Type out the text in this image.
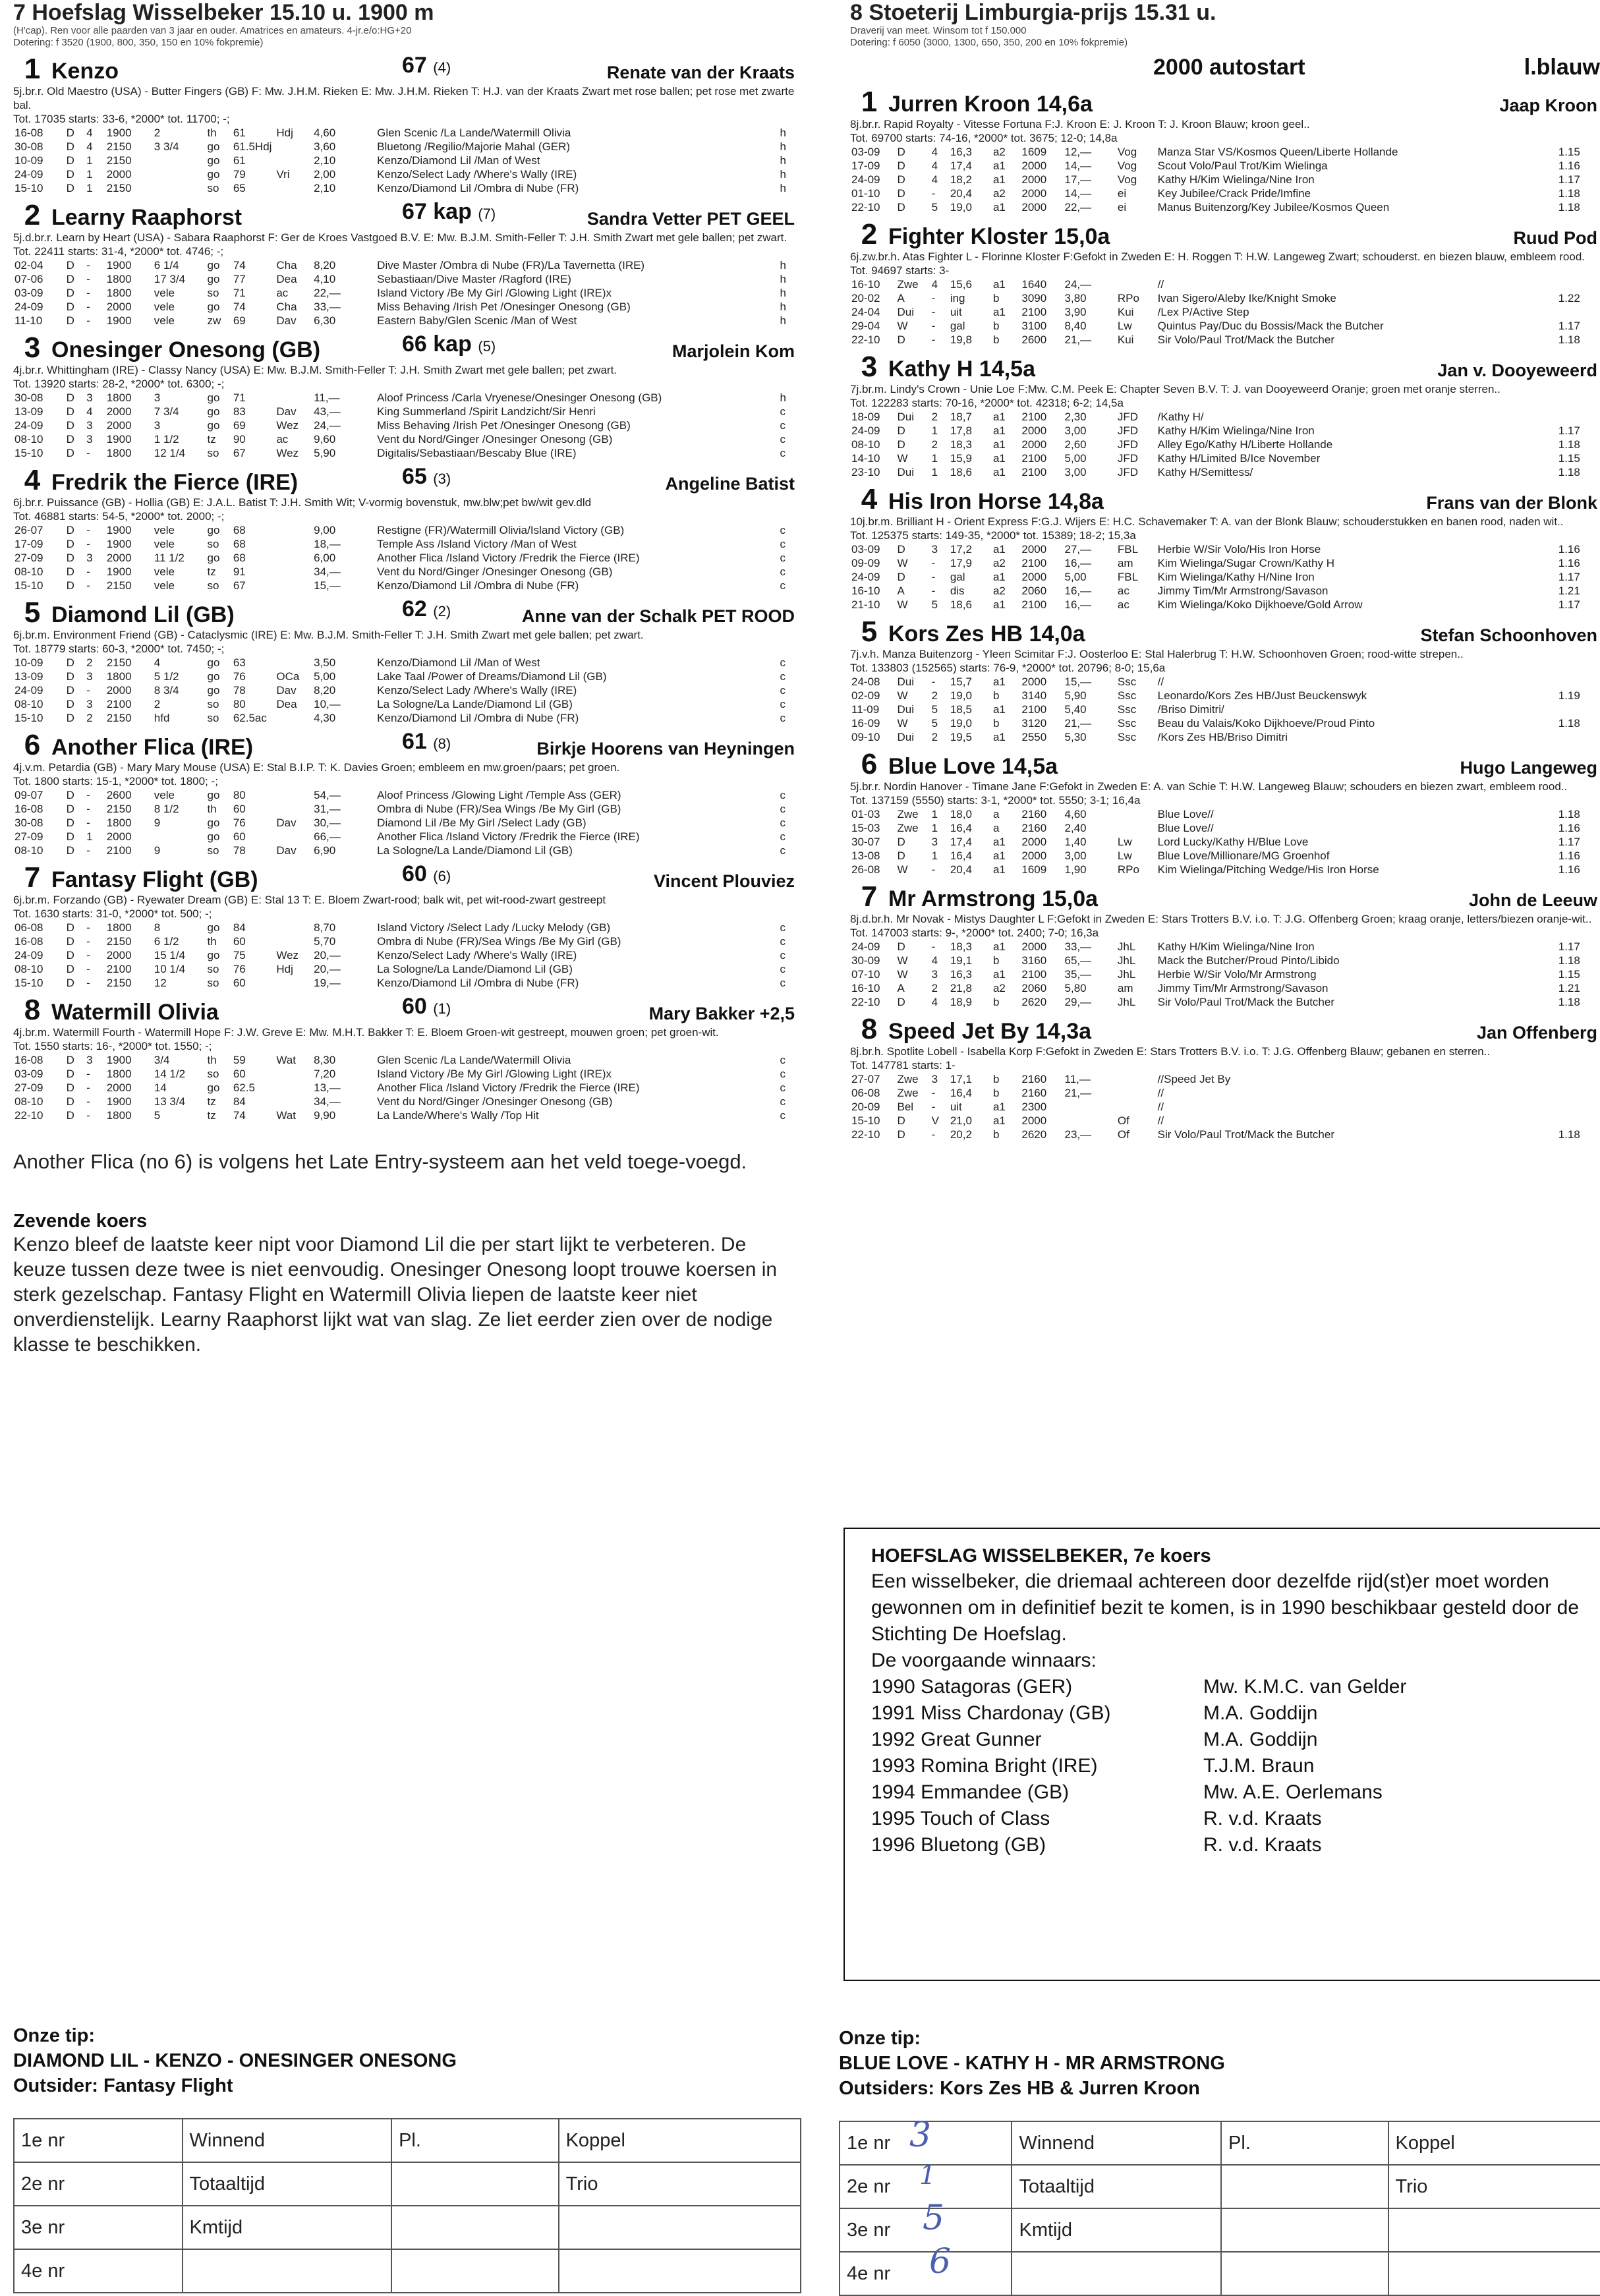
7 Hoefslag Wisselbeker 15.10 u. 1900 m
(H'cap). Ren voor alle paarden van 3 jaar en ouder. Amatrices en amateurs. 4-jr.e/o:HG+20
Dotering: f 3520 (1900, 800, 350, 150 en 10% fokpremie)
1 Kenzo	67 (4)	Renate van der Kraats
5j.br.r. Old Maestro (USA) - Butter Fingers (GB) F: Mw. J.H.M. Rieken E: Mw. J.H.M. Rieken T: H.J. van der Kraats Zwart met rose ballen; pet rose met zwarte bal.
Tot. 17035 starts: 33-6, *2000* tot. 11700; -;
16-08	D	4	1900	2	th	61	Hdj	4,60	Glen Scenic /La Lande/Watermill Olivia	h
30-08	D	4	2150	3 3/4	go	61.5Hdj		3,60	Bluetong /Regilio/Majorie Mahal (GER)	h
10-09	D	1	2150		go	61		2,10	Kenzo/Diamond Lil /Man of West	h
24-09	D	1	2000		go	79	Vri	2,00	Kenzo/Select Lady /Where's Wally (IRE)	h
15-10	D	1	2150		so	65		2,10	Kenzo/Diamond Lil /Ombra di Nube (FR)	h
2 Learny Raaphorst	67 kap (7)	Sandra Vetter PET GEEL
5j.d.br.r. Learn by Heart (USA) - Sabara Raaphorst F: Ger de Kroes Vastgoed B.V. E: Mw. B.J.M. Smith-Feller T: J.H. Smith Zwart met gele ballen; pet zwart.
Tot. 22411 starts: 31-4, *2000* tot. 4746; -;
02-04	D	-	1900	6 1/4	go	74	Cha	8,20	Dive Master /Ombra di Nube (FR)/La Tavernetta (IRE)	h
07-06	D	-	1800	17 3/4	go	77	Dea	4,10	Sebastiaan/Dive Master /Ragford (IRE)	h
03-09	D	-	1800	vele	so	71	ac	22,—	Island Victory /Be My Girl /Glowing Light (IRE)x	h
24-09	D	-	2000	vele	go	74	Cha	33,—	Miss Behaving /Irish Pet /Onesinger Onesong (GB)	h
11-10	D	-	1900	vele	zw	69	Dav	6,30	Eastern Baby/Glen Scenic /Man of West	h
3 Onesinger Onesong (GB)	66 kap (5)	Marjolein Kom
4j.br.r. Whittingham (IRE) - Classy Nancy (USA) E: Mw. B.J.M. Smith-Feller T: J.H. Smith Zwart met gele ballen; pet zwart.
Tot. 13920 starts: 28-2, *2000* tot. 6300; -;
30-08	D	3	1800	3	go	71		11,—	Aloof Princess /Carla Vryenese/Onesinger Onesong (GB)	h
13-09	D	4	2000	7 3/4	go	83	Dav	43,—	King Summerland /Spirit Landzicht/Sir Henri	c
24-09	D	3	2000	3	go	69	Wez	24,—	Miss Behaving /Irish Pet /Onesinger Onesong (GB)	c
08-10	D	3	1900	1 1/2	tz	90	ac	9,60	Vent du Nord/Ginger /Onesinger Onesong (GB)	c
15-10	D	-	1800	12 1/4	so	67	Wez	5,90	Digitalis/Sebastiaan/Bescaby Blue (IRE)	c
4 Fredrik the Fierce (IRE)	65 (3)	Angeline Batist
6j.br.r. Puissance (GB) - Hollia (GB) E: J.A.L. Batist T: J.H. Smith Wit; V-vormig bovenstuk, mw.blw;pet bw/wit gev.dld
Tot. 46881 starts: 54-5, *2000* tot. 2000; -;
26-07	D	-	1900	vele	go	68		9,00	Restigne (FR)/Watermill Olivia/Island Victory (GB)	c
17-09	D	-	1900	vele	so	68		18,—	Temple Ass /Island Victory /Man of West	c
27-09	D	3	2000	11 1/2	go	68		6,00	Another Flica /Island Victory /Fredrik the Fierce (IRE)	c
08-10	D	-	1900	vele	tz	91		34,—	Vent du Nord/Ginger /Onesinger Onesong (GB)	c
15-10	D	-	2150	vele	so	67		15,—	Kenzo/Diamond Lil /Ombra di Nube (FR)	c
5 Diamond Lil (GB)	62 (2)	Anne van der Schalk PET ROOD
6j.br.m. Environment Friend (GB) - Cataclysmic (IRE) E: Mw. B.J.M. Smith-Feller T: J.H. Smith Zwart met gele ballen; pet zwart.
Tot. 18779 starts: 60-3, *2000* tot. 7450; -;
10-09	D	2	2150	4	go	63		3,50	Kenzo/Diamond Lil /Man of West	c
13-09	D	3	1800	5 1/2	go	76	OCa	5,00	Lake Taal /Power of Dreams/Diamond Lil (GB)	c
24-09	D	-	2000	8 3/4	go	78	Dav	8,20	Kenzo/Select Lady /Where's Wally (IRE)	c
08-10	D	3	2100	2	so	80	Dea	10,—	La Sologne/La Lande/Diamond Lil (GB)	c
15-10	D	2	2150	hfd	so	62.5ac		4,30	Kenzo/Diamond Lil /Ombra di Nube (FR)	c
6 Another Flica (IRE)	61 (8)	Birkje Hoorens van Heyningen
4j.v.m. Petardia (GB) - Mary Mary Mouse (USA) E: Stal B.I.P. T: K. Davies Groen; embleem en mw.groen/paars; pet groen.
Tot. 1800 starts: 15-1, *2000* tot. 1800; -;
09-07	D	-	2600	vele	go	80		54,—	Aloof Princess /Glowing Light /Temple Ass (GER)	c
16-08	D	-	2150	8 1/2	th	60		31,—	Ombra di Nube (FR)/Sea Wings /Be My Girl (GB)	c
30-08	D	-	1800	9	go	76	Dav	30,—	Diamond Lil /Be My Girl /Select Lady (GB)	c
27-09	D	1	2000		go	60		66,—	Another Flica /Island Victory /Fredrik the Fierce (IRE)	c
08-10	D	-	2100	9	so	78	Dav	6,90	La Sologne/La Lande/Diamond Lil (GB)	c
7 Fantasy Flight (GB)	60 (6)	Vincent Plouviez
6j.br.m. Forzando (GB) - Ryewater Dream (GB) E: Stal 13 T: E. Bloem Zwart-rood; balk wit, pet wit-rood-zwart gestreept
Tot. 1630 starts: 31-0, *2000* tot. 500; -;
06-08	D	-	1800	8	go	84		8,70	Island Victory /Select Lady /Lucky Melody (GB)	c
16-08	D	-	2150	6 1/2	th	60		5,70	Ombra di Nube (FR)/Sea Wings /Be My Girl (GB)	c
24-09	D	-	2000	15 1/4	go	75	Wez	20,—	Kenzo/Select Lady /Where's Wally (IRE)	c
08-10	D	-	2100	10 1/4	so	76	Hdj	20,—	La Sologne/La Lande/Diamond Lil (GB)	c
15-10	D	-	2150	12	so	60		19,—	Kenzo/Diamond Lil /Ombra di Nube (FR)	c
8 Watermill Olivia	60 (1)	Mary Bakker +2,5
4j.br.m. Watermill Fourth - Watermill Hope F: J.W. Greve E: Mw. M.H.T. Bakker T: E. Bloem Groen-wit gestreept, mouwen groen; pet groen-wit.
Tot. 1550 starts: 16-, *2000* tot. 1550; -;
16-08	D	3	1900	3/4	th	59	Wat	8,30	Glen Scenic /La Lande/Watermill Olivia	c
03-09	D	-	1800	14 1/2	so	60		7,20	Island Victory /Be My Girl /Glowing Light (IRE)x	c
27-09	D	-	2000	14	go	62.5		13,—	Another Flica /Island Victory /Fredrik the Fierce (IRE)	c
08-10	D	-	1900	13 3/4	tz	84		34,—	Vent du Nord/Ginger /Onesinger Onesong (GB)	c
22-10	D	-	1800	5	tz	74	Wat	9,90	La Lande/Where's Wally /Top Hit	c
Another Flica (no 6) is volgens het Late Entry-systeem aan het veld toege-voegd.
Zevende koers
Kenzo bleef de laatste keer nipt voor Diamond Lil die per start lijkt te verbeteren. De keuze tussen deze twee is niet eenvoudig. Onesinger Onesong loopt trouwe koersen in sterk gezelschap. Fantasy Flight en Watermill Olivia liepen de laatste keer niet onverdienstelijk. Learny Raaphorst lijkt wat van slag. Ze liet eerder zien over de nodige klasse te beschikken.
8 Stoeterij Limburgia-prijs 15.31 u.
Draverij van meet. Winsom tot f 150.000
Dotering: f 6050 (3000, 1300, 650, 350, 200 en 10% fokpremie)
2000 autostart	l.blauw
1 Jurren Kroon 14,6a	Jaap Kroon
8j.br.r. Rapid Royalty - Vitesse Fortuna F:J. Kroon E: J. Kroon T: J. Kroon Blauw; kroon geel..
Tot. 69700 starts: 74-16, *2000* tot. 3675; 12-0; 14,8a
03-09	D	4	16,3	a2	1609	12,—	Vog	Manza Star VS/Kosmos Queen/Liberte Hollande	1.15
17-09	D	4	17,4	a1	2000	14,—	Vog	Scout Volo/Paul Trot/Kim Wielinga	1.16
24-09	D	4	18,2	a1	2000	17,—	Vog	Kathy H/Kim Wielinga/Nine Iron	1.17
01-10	D	-	20,4	a2	2000	14,—	ei	Key Jubilee/Crack Pride/Imfine	1.18
22-10	D	5	19,0	a1	2000	22,—	ei	Manus Buitenzorg/Key Jubilee/Kosmos Queen	1.18
2 Fighter Kloster 15,0a	Ruud Pod
6j.zw.br.h. Atas Fighter L - Florinne Kloster F:Gefokt in Zweden E: H. Roggen T: H.W. Langeweg Zwart; schouderst. en biezen blauw, embleem rood.
Tot. 94697 starts: 3-
16-10	Zwe	4	15,6	a1	1640	24,—		//	
20-02	A	-	ing	b	3090	3,80	RPo	Ivan Sigero/Aleby Ike/Knight Smoke	1.22
24-04	Dui	-	uit	a1	2100	3,90	Kui	/Lex P/Active Step	
29-04	W	-	gal	b	3100	8,40	Lw	Quintus Pay/Duc du Bossis/Mack the Butcher	1.17
22-10	D	-	19,8	b	2600	21,—	Kui	Sir Volo/Paul Trot/Mack the Butcher	1.18
3 Kathy H 14,5a	Jan v. Dooyeweerd
7j.br.m. Lindy's Crown - Unie Loe F:Mw. C.M. Peek E: Chapter Seven B.V. T: J. van Dooyeweerd Oranje; groen met oranje sterren..
Tot. 122283 starts: 70-16, *2000* tot. 42318; 6-2; 14,5a
18-09	Dui	2	18,7	a1	2100	2,30	JFD	/Kathy H/	
24-09	D	1	17,8	a1	2000	3,00	JFD	Kathy H/Kim Wielinga/Nine Iron	1.17
08-10	D	2	18,3	a1	2000	2,60	JFD	Alley Ego/Kathy H/Liberte Hollande	1.18
14-10	W	1	15,9	a1	2100	5,00	JFD	Kathy H/Limited B/Ice November	1.15
23-10	Dui	1	18,6	a1	2100	3,00	JFD	Kathy H/Semittess/	1.18
4 His Iron Horse 14,8a	Frans van der Blonk
10j.br.m. Brilliant H - Orient Express F:G.J. Wijers E: H.C. Schavemaker T: A. van der Blonk Blauw; schouderstukken en banen rood, naden wit..
Tot. 125375 starts: 149-35, *2000* tot. 15389; 18-2; 15,3a
03-09	D	3	17,2	a1	2000	27,—	FBL	Herbie W/Sir Volo/His Iron Horse	1.16
09-09	W	-	17,9	a2	2100	16,—	am	Kim Wielinga/Sugar Crown/Kathy H	1.16
24-09	D	-	gal	a1	2000	5,00	FBL	Kim Wielinga/Kathy H/Nine Iron	1.17
16-10	A	-	dis	a2	2060	16,—	ac	Jimmy Tim/Mr Armstrong/Savason	1.21
21-10	W	5	18,6	a1	2100	16,—	ac	Kim Wielinga/Koko Dijkhoeve/Gold Arrow	1.17
5 Kors Zes HB 14,0a	Stefan Schoonhoven
7j.v.h. Manza Buitenzorg - Yleen Scimitar F:J. Oosterloo E: Stal Halerbrug T: H.W. Schoonhoven Groen; rood-witte strepen..
Tot. 133803 (152565) starts: 76-9, *2000* tot. 20796; 8-0; 15,6a
24-08	Dui	-	15,7	a1	2000	15,—	Ssc	//	
02-09	W	2	19,0	b	3140	5,90	Ssc	Leonardo/Kors Zes HB/Just Beuckenswyk	1.19
11-09	Dui	5	18,5	a1	2100	5,40	Ssc	/Briso Dimitri/	
16-09	W	5	19,0	b	3120	21,—	Ssc	Beau du Valais/Koko Dijkhoeve/Proud Pinto	1.18
09-10	Dui	2	19,5	a1	2550	5,30	Ssc	/Kors Zes HB/Briso Dimitri	
6 Blue Love 14,5a	Hugo Langeweg
5j.br.r. Nordin Hanover - Timane Jane F:Gefokt in Zweden E: A. van Schie T: H.W. Langeweg Blauw; schouders en biezen zwart, embleem rood..
Tot. 137159 (5550) starts: 3-1, *2000* tot. 5550; 3-1; 16,4a
01-03	Zwe	1	18,0	a	2160	4,60		Blue Love//	1.18
15-03	Zwe	1	16,4	a	2160	2,40		Blue Love//	1.16
30-07	D	3	17,4	a1	2000	1,40	Lw	Lord Lucky/Kathy H/Blue Love	1.17
13-08	D	1	16,4	a1	2000	3,00	Lw	Blue Love/Millionare/MG Groenhof	1.16
26-08	W	-	20,4	a1	1609	1,90	RPo	Kim Wielinga/Pitching Wedge/His Iron Horse	1.16
7 Mr Armstrong 15,0a	John de Leeuw
8j.d.br.h. Mr Novak - Mistys Daughter L F:Gefokt in Zweden E: Stars Trotters B.V. i.o. T: J.G. Offenberg Groen; kraag oranje, letters/biezen oranje-wit..
Tot. 147003 starts: 9-, *2000* tot. 2400; 7-0; 16,3a
24-09	D	-	18,3	a1	2000	33,—	JhL	Kathy H/Kim Wielinga/Nine Iron	1.17
30-09	W	4	19,1	b	3160	65,—	JhL	Mack the Butcher/Proud Pinto/Libido	1.18
07-10	W	3	16,3	a1	2100	35,—	JhL	Herbie W/Sir Volo/Mr Armstrong	1.15
16-10	A	2	21,8	a2	2060	5,80	am	Jimmy Tim/Mr Armstrong/Savason	1.21
22-10	D	4	18,9	b	2620	29,—	JhL	Sir Volo/Paul Trot/Mack the Butcher	1.18
8 Speed Jet By 14,3a	Jan Offenberg
8j.br.h. Spotlite Lobell - Isabella Korp F:Gefokt in Zweden E: Stars Trotters B.V. i.o. T: J.G. Offenberg Blauw; gebanen en sterren..
Tot. 147781 starts: 1-
27-07	Zwe	3	17,1	b	2160	11,—		//Speed Jet By	
06-08	Zwe	-	16,4	b	2160	21,—		//	
20-09	Bel	-	uit	a1	2300			//	
15-10	D	V	21,0	a1	2000		Of	//	
22-10	D	-	20,2	b	2620	23,—	Of	Sir Volo/Paul Trot/Mack the Butcher	1.18
HOEFSLAG WISSELBEKER, 7e koers
Een wisselbeker, die driemaal achtereen door dezelfde rijd(st)er moet worden gewonnen om in definitief bezit te komen, is in 1990 beschikbaar gesteld door de Stichting De Hoefslag.
De voorgaande winnaars:
1990 Satagoras (GER)	Mw. K.M.C. van Gelder
1991 Miss Chardonay (GB)	M.A. Goddijn
1992 Great Gunner	M.A. Goddijn
1993 Romina Bright (IRE)	T.J.M. Braun
1994 Emmandee (GB)	Mw. A.E. Oerlemans
1995 Touch of Class	R. v.d. Kraats
1996 Bluetong (GB)	R. v.d. Kraats
Onze tip:
DIAMOND LIL - KENZO - ONESINGER ONESONG
Outsider: Fantasy Flight
Onze tip:
BLUE LOVE - KATHY H - MR ARMSTRONG
Outsiders: Kors Zes HB & Jurren Kroon
1e nr	Winnend	Pl.	Koppel
2e nr	Totaaltijd		Trio
3e nr	Kmtijd		
4e nr			
1e nr	Winnend	Pl.	Koppel
2e nr	Totaaltijd		Trio
3e nr	Kmtijd		
4e nr			
3
1
5
6
